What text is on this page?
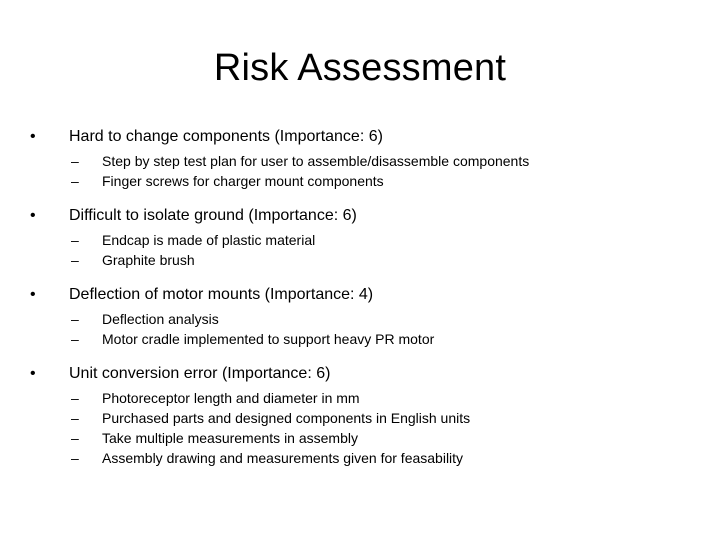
Risk Assessment
•	Hard to change components (Importance: 6)
–	Step by step test plan for user to assemble/disassemble components
–	Finger screws for charger mount components
•	Difficult to isolate ground (Importance: 6)
–	Endcap is made of plastic material
–	Graphite brush
•	Deflection of motor mounts (Importance: 4)
–	Deflection analysis
–	Motor cradle implemented to support heavy PR motor
•	Unit conversion error (Importance: 6)
–	Photoreceptor length and diameter in mm
–	Purchased parts and designed components in English units
–	Take multiple measurements in assembly
–	Assembly drawing and measurements given for feasability
